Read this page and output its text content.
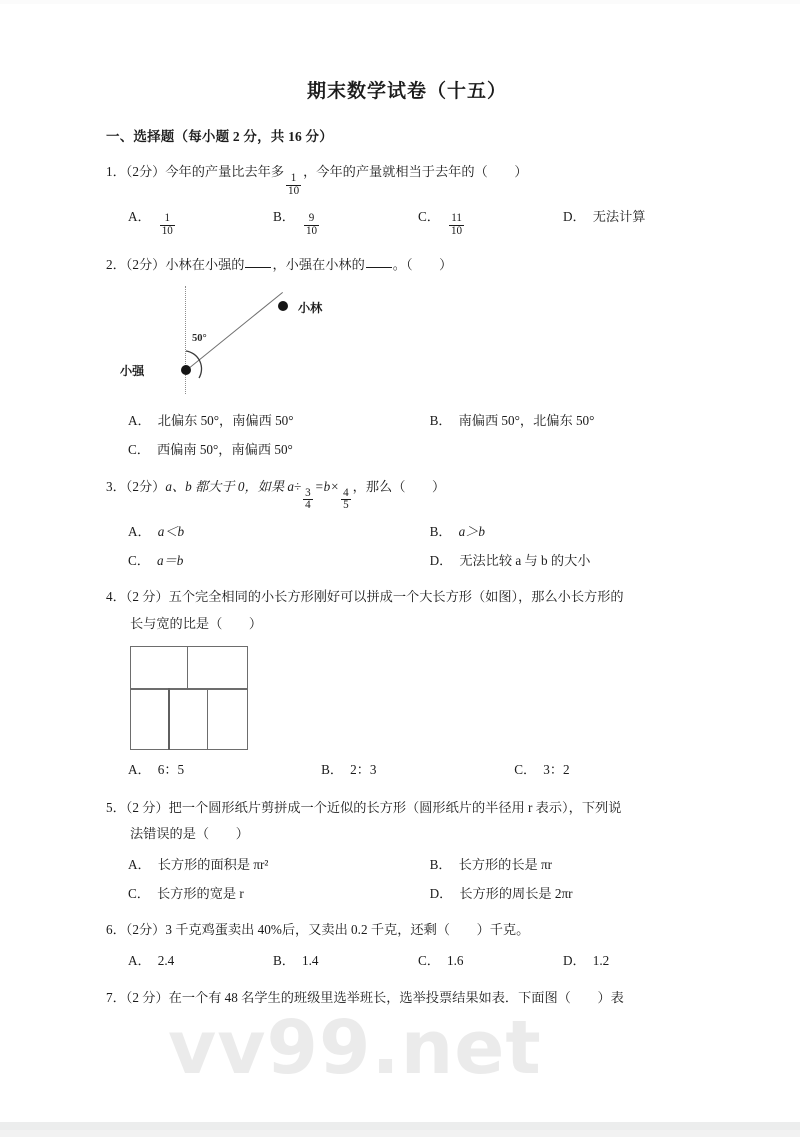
vv99.net
期末数学试卷（十五）
一、选择题（每小题 2 分，共 16 分）
1．（2分）今年的产量比去年多
$\frac{1}{10}$
，今年的产量就相当于去年的（ ）
A． $\frac{1}{10}$	B． $\frac{9}{10}$	C． $\frac{11}{10}$	D． 无法计算
2．（2分）小林在小强的 ，小强在小林的 。（ ）
50°
小强
小林
A． 北偏东 50°，南偏西 50°	B． 南偏西 50°，北偏东 50°
C． 西偏南 50°，南偏西 50°
3．（2分）a、b 都大于 0，如果 a÷
$\frac{3}{4}$
=b×
$\frac{4}{5}$
，那么（ ）
A． a＜b	B． a＞b
C． a＝b	D． 无法比较 a 与 b 的大小
4．（2 分）五个完全相同的小长方形刚好可以拼成一个大长方形（如图），那么小长方形的
长与宽的比是（ ）
A． 6：5	B． 2：3	C． 3：2
5．（2 分）把一个圆形纸片剪拼成一个近似的长方形（圆形纸片的半径用 r 表示），下列说
法错误的是（ ）
A． 长方形的面积是 πr²	B． 长方形的长是 πr
C． 长方形的宽是 r	D． 长方形的周长是 2πr
6．（2分）3 千克鸡蛋卖出 40%后，又卖出 0.2 千克，还剩（ ）千克。
A． 2.4	B． 1.4	C． 1.6	D． 1.2
7．（2 分）在一个有 48 名学生的班级里选举班长，选举投票结果如表．下面图（ ）表
